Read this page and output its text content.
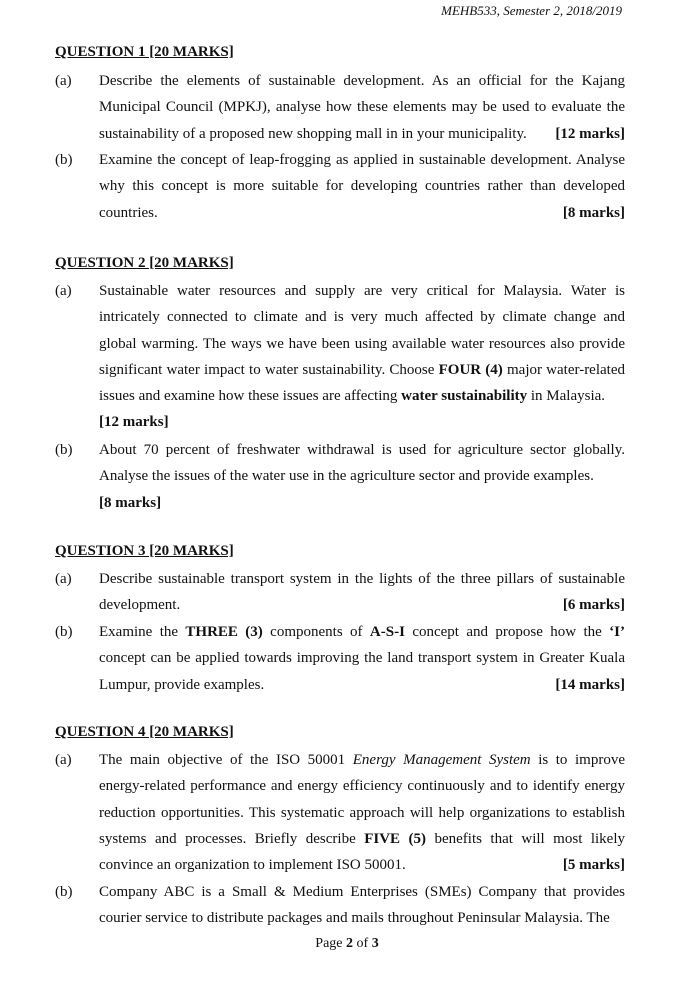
MEHB533, Semester 2, 2018/2019
QUESTION 1 [20 MARKS]
(a) Describe the elements of sustainable development. As an official for the Kajang Municipal Council (MPKJ), analyse how these elements may be used to evaluate the sustainability of a proposed new shopping mall in in your municipality. [12 marks]
(b) Examine the concept of leap-frogging as applied in sustainable development. Analyse why this concept is more suitable for developing countries rather than developed countries.	[8 marks]
QUESTION 2 [20 MARKS]
(a) Sustainable water resources and supply are very critical for Malaysia. Water is intricately connected to climate and is very much affected by climate change and global warming. The ways we have been using available water resources also provide significant water impact to water sustainability. Choose FOUR (4) major water-related issues and examine how these issues are affecting water sustainability in Malaysia.
[12 marks]
(b) About 70 percent of freshwater withdrawal is used for agriculture sector globally. Analyse the issues of the water use in the agriculture sector and provide examples.
[8 marks]
QUESTION 3 [20 MARKS]
(a) Describe sustainable transport system in the lights of the three pillars of sustainable development.	[6 marks]
(b) Examine the THREE (3) components of A-S-I concept and propose how the ‘I’ concept can be applied towards improving the land transport system in Greater Kuala Lumpur, provide examples.	[14 marks]
QUESTION 4 [20 MARKS]
(a) The main objective of the ISO 50001 Energy Management System is to improve energy-related performance and energy efficiency continuously and to identify energy reduction opportunities. This systematic approach will help organizations to establish systems and processes. Briefly describe FIVE (5) benefits that will most likely convince an organization to implement ISO 50001.	[5 marks]
(b) Company ABC is a Small & Medium Enterprises (SMEs) Company that provides courier service to distribute packages and mails throughout Peninsular Malaysia. The
Page 2 of 3
